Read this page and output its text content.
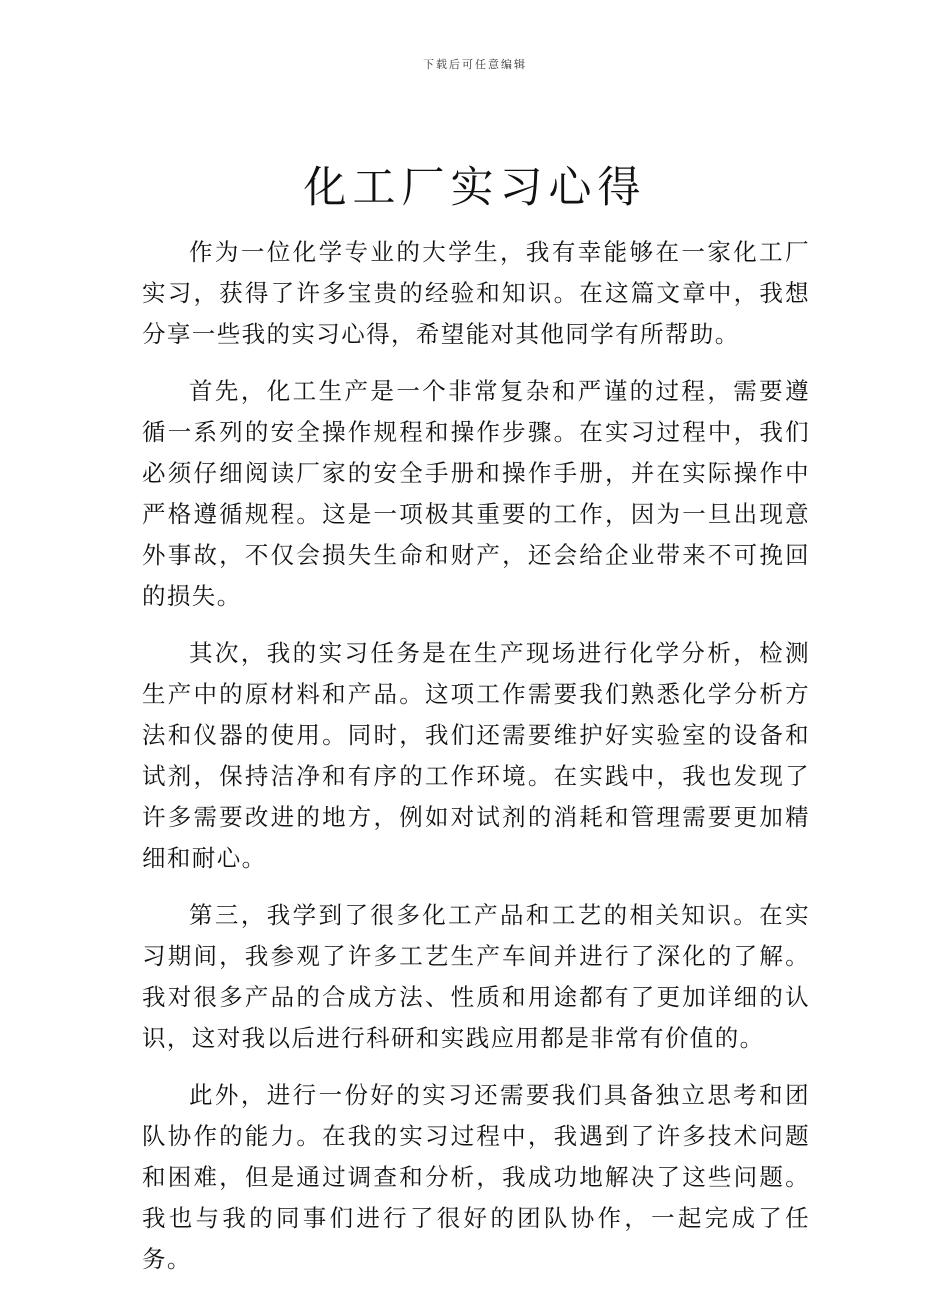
下载后可任意编辑
化工厂实习心得

作为一位化学专业的大学生，我有幸能够在一家化工厂实习，获得了许多宝贵的经验和知识。在这篇文章中，我想分享一些我的实习心得，希望能对其他同学有所帮助。

首先，化工生产是一个非常复杂和严谨的过程，需要遵循一系列的安全操作规程和操作步骤。在实习过程中，我们必须仔细阅读厂家的安全手册和操作手册，并在实际操作中严格遵循规程。这是一项极其重要的工作，因为一旦出现意外事故，不仅会损失生命和财产，还会给企业带来不可挽回的损失。

其次，我的实习任务是在生产现场进行化学分析，检测生产中的原材料和产品。这项工作需要我们熟悉化学分析方法和仪器的使用。同时，我们还需要维护好实验室的设备和试剂，保持洁净和有序的工作环境。在实践中，我也发现了许多需要改进的地方，例如对试剂的消耗和管理需要更加精细和耐心。

第三，我学到了很多化工产品和工艺的相关知识。在实习期间，我参观了许多工艺生产车间并进行了深化的了解。我对很多产品的合成方法、性质和用途都有了更加详细的认识，这对我以后进行科研和实践应用都是非常有价值的。

此外，进行一份好的实习还需要我们具备独立思考和团队协作的能力。在我的实习过程中，我遇到了许多技术问题和困难，但是通过调查和分析，我成功地解决了这些问题。我也与我的同事们进行了很好的团队协作，一起完成了任务。
